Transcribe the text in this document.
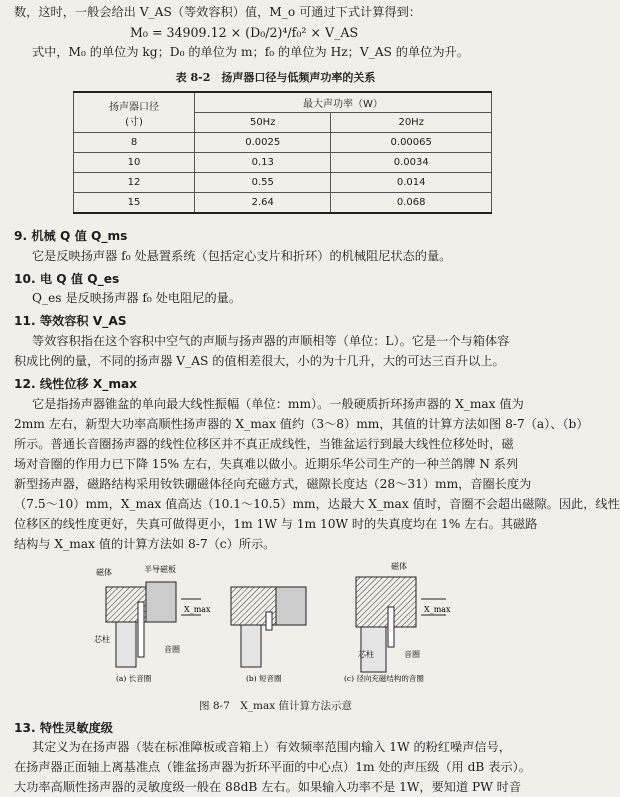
数，这时，一般会给出 V_AS（等效容积）值，M_o 可通过下式计算得到：
M₀ = 34909.12 × (D₀/2)⁴/f₀² × V_AS
式中，M₀ 的单位为 kg；D₀ 的单位为 m；f₀ 的单位为 Hz；V_AS 的单位为升。
表 8-2　扬声器口径与低频声功率的关系
扬声器口径
(寸)	最大声功率（W）	
	50Hz	20Hz
8	0.0025	0.00065
10	0.13	0.0034
12	0.55	0.014
15	2.64	0.068
9. 机械 Q 值 Q_ms
它是反映扬声器 f₀ 处悬置系统（包括定心支片和折环）的机械阻尼状态的量。
10. 电 Q 值 Q_es
Q_es 是反映扬声器 f₀ 处电阻尼的量。
11. 等效容积 V_AS
等效容积指在这个容积中空气的声顺与扬声器的声顺相等（单位：L）。它是一个与箱体容
积成比例的量，不同的扬声器 V_AS 的值相差很大，小的为十几升，大的可达三百升以上。
12. 线性位移 X_max
它是指扬声器锥盆的单向最大线性振幅（单位：mm）。一般硬质折环扬声器的 X_max 值为
2mm 左右，新型大功率高顺性扬声器的 X_max 值约（3～8）mm，其值的计算方法如图 8-7（a）、（b）
所示。普通长音圈扬声器的线性位移区并不真正成线性，当锥盆运行到最大线性位移处时，磁
场对音圈的作用力已下降 15% 左右，失真难以做小。近期乐华公司生产的一种兰鸽牌 N 系列
新型扬声器，磁路结构采用钕铁硼磁体径向充磁方式，磁隙长度达（28～31）mm，音圈长度为
（7.5～10）mm，X_max 值高达（10.1～10.5）mm，达最大 X_max 值时，音圈不会超出磁隙。因此，线性
位移区的线性度更好，失真可做得更小，1m 1W 与 1m 10W 时的失真度均在 1% 左右。其磁路
结构与 X_max 值的计算方法如 8-7（c）所示。
X_max
磁体	半导磁板
芯柱
音圈
(a) 长音圈	(b) 短音圈
X_max
磁体
芯柱	音圈
(c) 径向充磁结构的音圈
图 8-7　X_max 值计算方法示意
13. 特性灵敏度级
其定义为在扬声器（装在标准障板或音箱上）有效频率范围内输入 1W 的粉红噪声信号，
在扬声器正面轴上离基准点（锥盆扬声器为折环平面的中心点）1m 处的声压级（用 dB 表示）。
大功率高顺性扬声器的灵敏度级一般在 88dB 左右。如果输入功率不是 1W，要知道 PW 时音
